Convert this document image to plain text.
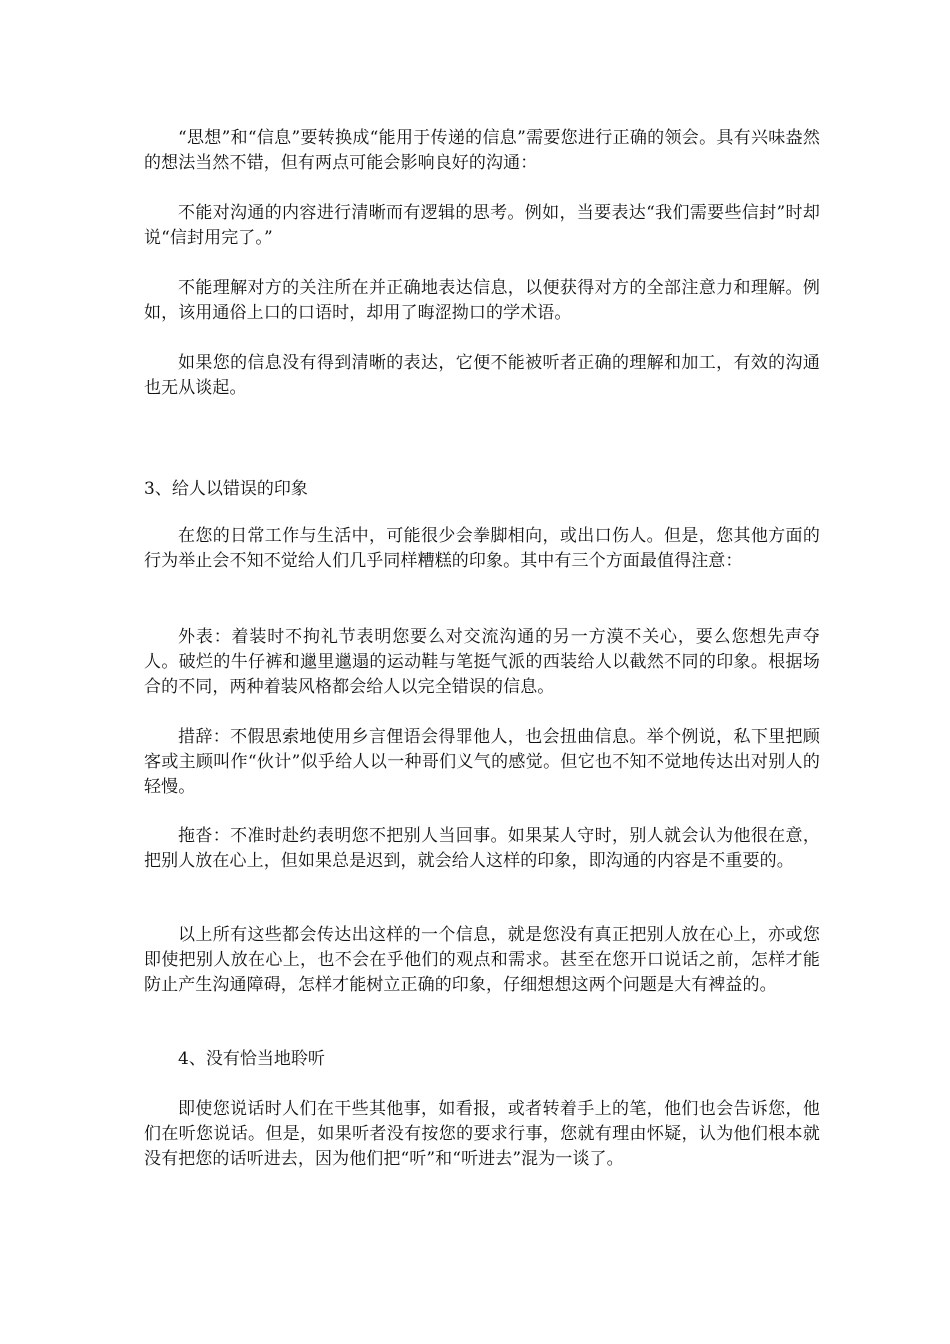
“思想”和“信息”要转换成“能用于传递的信息”需要您进行正确的领会。具有兴味盎然的想法当然不错，但有两点可能会影响良好的沟通：

不能对沟通的内容进行清晰而有逻辑的思考。例如，当要表达“我们需要些信封”时却说“信封用完了。”

不能理解对方的关注所在并正确地表达信息，以便获得对方的全部注意力和理解。例如，该用通俗上口的口语时，却用了晦涩拗口的学术语。

如果您的信息没有得到清晰的表达，它便不能被听者正确的理解和加工，有效的沟通也无从谈起。

3、给人以错误的印象

在您的日常工作与生活中，可能很少会拳脚相向，或出口伤人。但是，您其他方面的行为举止会不知不觉给人们几乎同样糟糕的印象。其中有三个方面最值得注意：

外表：着装时不拘礼节表明您要么对交流沟通的另一方漠不关心，要么您想先声夺人。破烂的牛仔裤和邋里邋遢的运动鞋与笔挺气派的西装给人以截然不同的印象。根据场合的不同，两种着装风格都会给人以完全错误的信息。

措辞：不假思索地使用乡言俚语会得罪他人，也会扭曲信息。举个例说，私下里把顾客或主顾叫作“伙计”似乎给人以一种哥们义气的感觉。但它也不知不觉地传达出对别人的轻慢。

拖沓：不准时赴约表明您不把别人当回事。如果某人守时，别人就会认为他很在意，把别人放在心上，但如果总是迟到，就会给人这样的印象，即沟通的内容是不重要的。

以上所有这些都会传达出这样的一个信息，就是您没有真正把别人放在心上，亦或您即使把别人放在心上，也不会在乎他们的观点和需求。甚至在您开口说话之前，怎样才能防止产生沟通障碍，怎样才能树立正确的印象，仔细想想这两个问题是大有裨益的。

4、没有恰当地聆听

即使您说话时人们在干些其他事，如看报，或者转着手上的笔，他们也会告诉您，他们在听您说话。但是，如果听者没有按您的要求行事，您就有理由怀疑，认为他们根本就没有把您的话听进去，因为他们把“听”和“听进去”混为一谈了。
